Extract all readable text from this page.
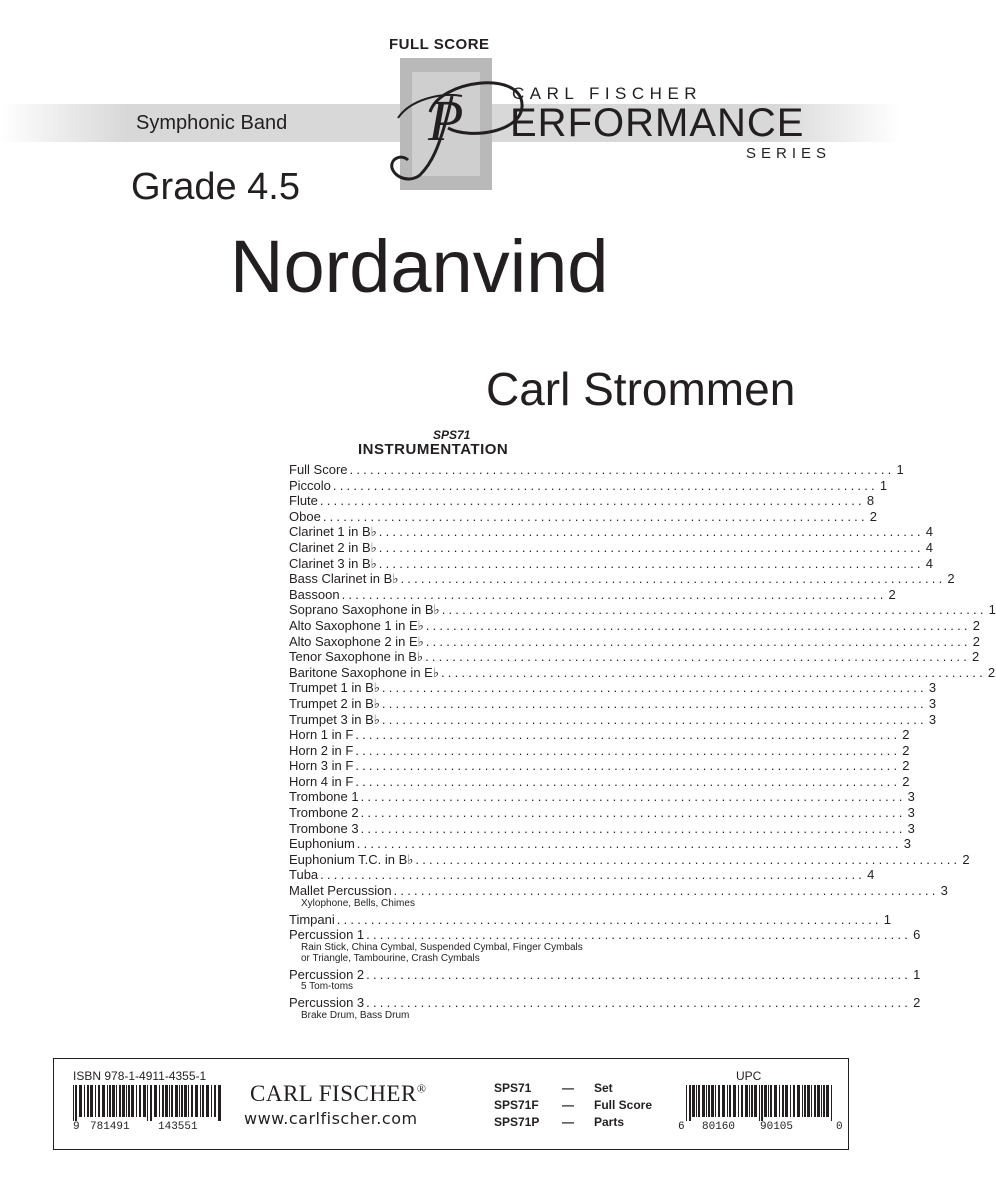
FULL SCORE
P	CARL FISCHER
ERFORMANCE
SERIES
Symphonic Band
Grade 4.5
Nordanvind
Carl Strommen
SPS71
INSTRUMENTATION
Full Score ................................................................................ 1
Piccolo ................................................................................ 1
Flute ................................................................................ 8
Oboe ................................................................................ 2
Clarinet 1 in B♭ ................................................................................ 4
Clarinet 2 in B♭ ................................................................................ 4
Clarinet 3 in B♭ ................................................................................ 4
Bass Clarinet in B♭ ................................................................................ 2
Bassoon ................................................................................ 2
Soprano Saxophone in B♭ ................................................................................ 1
Alto Saxophone 1 in E♭ ................................................................................ 2
Alto Saxophone 2 in E♭ ................................................................................ 2
Tenor Saxophone in B♭ ................................................................................ 2
Baritone Saxophone in E♭ ................................................................................ 2
Trumpet 1 in B♭ ................................................................................ 3
Trumpet 2 in B♭ ................................................................................ 3
Trumpet 3 in B♭ ................................................................................ 3
Horn 1 in F ................................................................................ 2
Horn 2 in F ................................................................................ 2
Horn 3 in F ................................................................................ 2
Horn 4 in F ................................................................................ 2
Trombone 1 ................................................................................ 3
Trombone 2 ................................................................................ 3
Trombone 3 ................................................................................ 3
Euphonium ................................................................................ 3
Euphonium T.C. in B♭ ................................................................................ 2
Tuba ................................................................................ 4
Mallet Percussion ................................................................................ 3
Xylophone, Bells, Chimes
Timpani ................................................................................ 1
Percussion 1 ................................................................................ 6
Rain Stick, China Cymbal, Suspended Cymbal, Finger Cymbals or Triangle, Tambourine, Crash Cymbals
Percussion 2 ................................................................................ 1
5 Tom-toms
Percussion 3 ................................................................................ 2
Brake Drum, Bass Drum
ISBN 978-1-4911-4355-1
9 781491	143551
CARL FISCHER®
www.carlfischer.com
SPS71	—	Set
SPS71F	—	Full Score
SPS71P	—	Parts
UPC
6 80160 90105	0
